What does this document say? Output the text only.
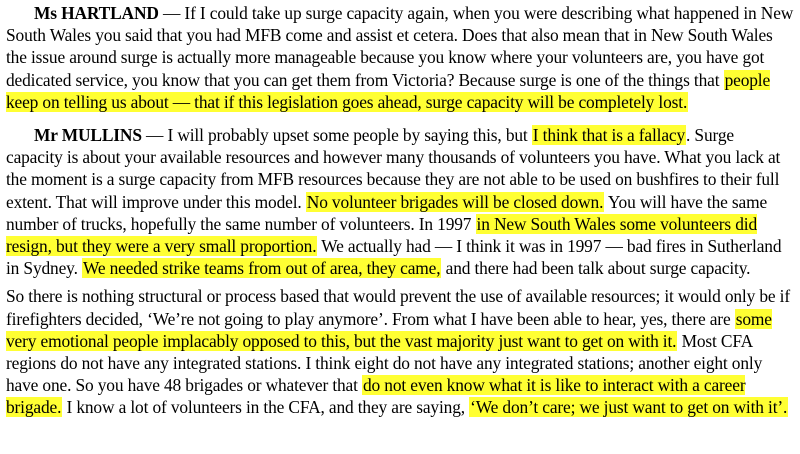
Ms HARTLAND — If I could take up surge capacity again, when you were describing what happened in New South Wales you said that you had MFB come and assist et cetera. Does that also mean that in New South Wales the issue around surge is actually more manageable because you know where your volunteers are, you have got dedicated service, you know that you can get them from Victoria? Because surge is one of the things that people keep on telling us about — that if this legislation goes ahead, surge capacity will be completely lost.

Mr MULLINS — I will probably upset some people by saying this, but I think that is a fallacy. Surge capacity is about your available resources and however many thousands of volunteers you have. What you lack at the moment is a surge capacity from MFB resources because they are not able to be used on bushfires to their full extent. That will improve under this model. No volunteer brigades will be closed down. You will have the same number of trucks, hopefully the same number of volunteers. In 1997 in New South Wales some volunteers did resign, but they were a very small proportion. We actually had — I think it was in 1997 — bad fires in Sutherland in Sydney. We needed strike teams from out of area, they came, and there had been talk about surge capacity.

So there is nothing structural or process based that would prevent the use of available resources; it would only be if firefighters decided, ‘We’re not going to play anymore’. From what I have been able to hear, yes, there are some very emotional people implacably opposed to this, but the vast majority just want to get on with it. Most CFA regions do not have any integrated stations. I think eight do not have any integrated stations; another eight only have one. So you have 48 brigades or whatever that do not even know what it is like to interact with a career brigade. I know a lot of volunteers in the CFA, and they are saying, ‘We don’t care; we just want to get on with it’.
